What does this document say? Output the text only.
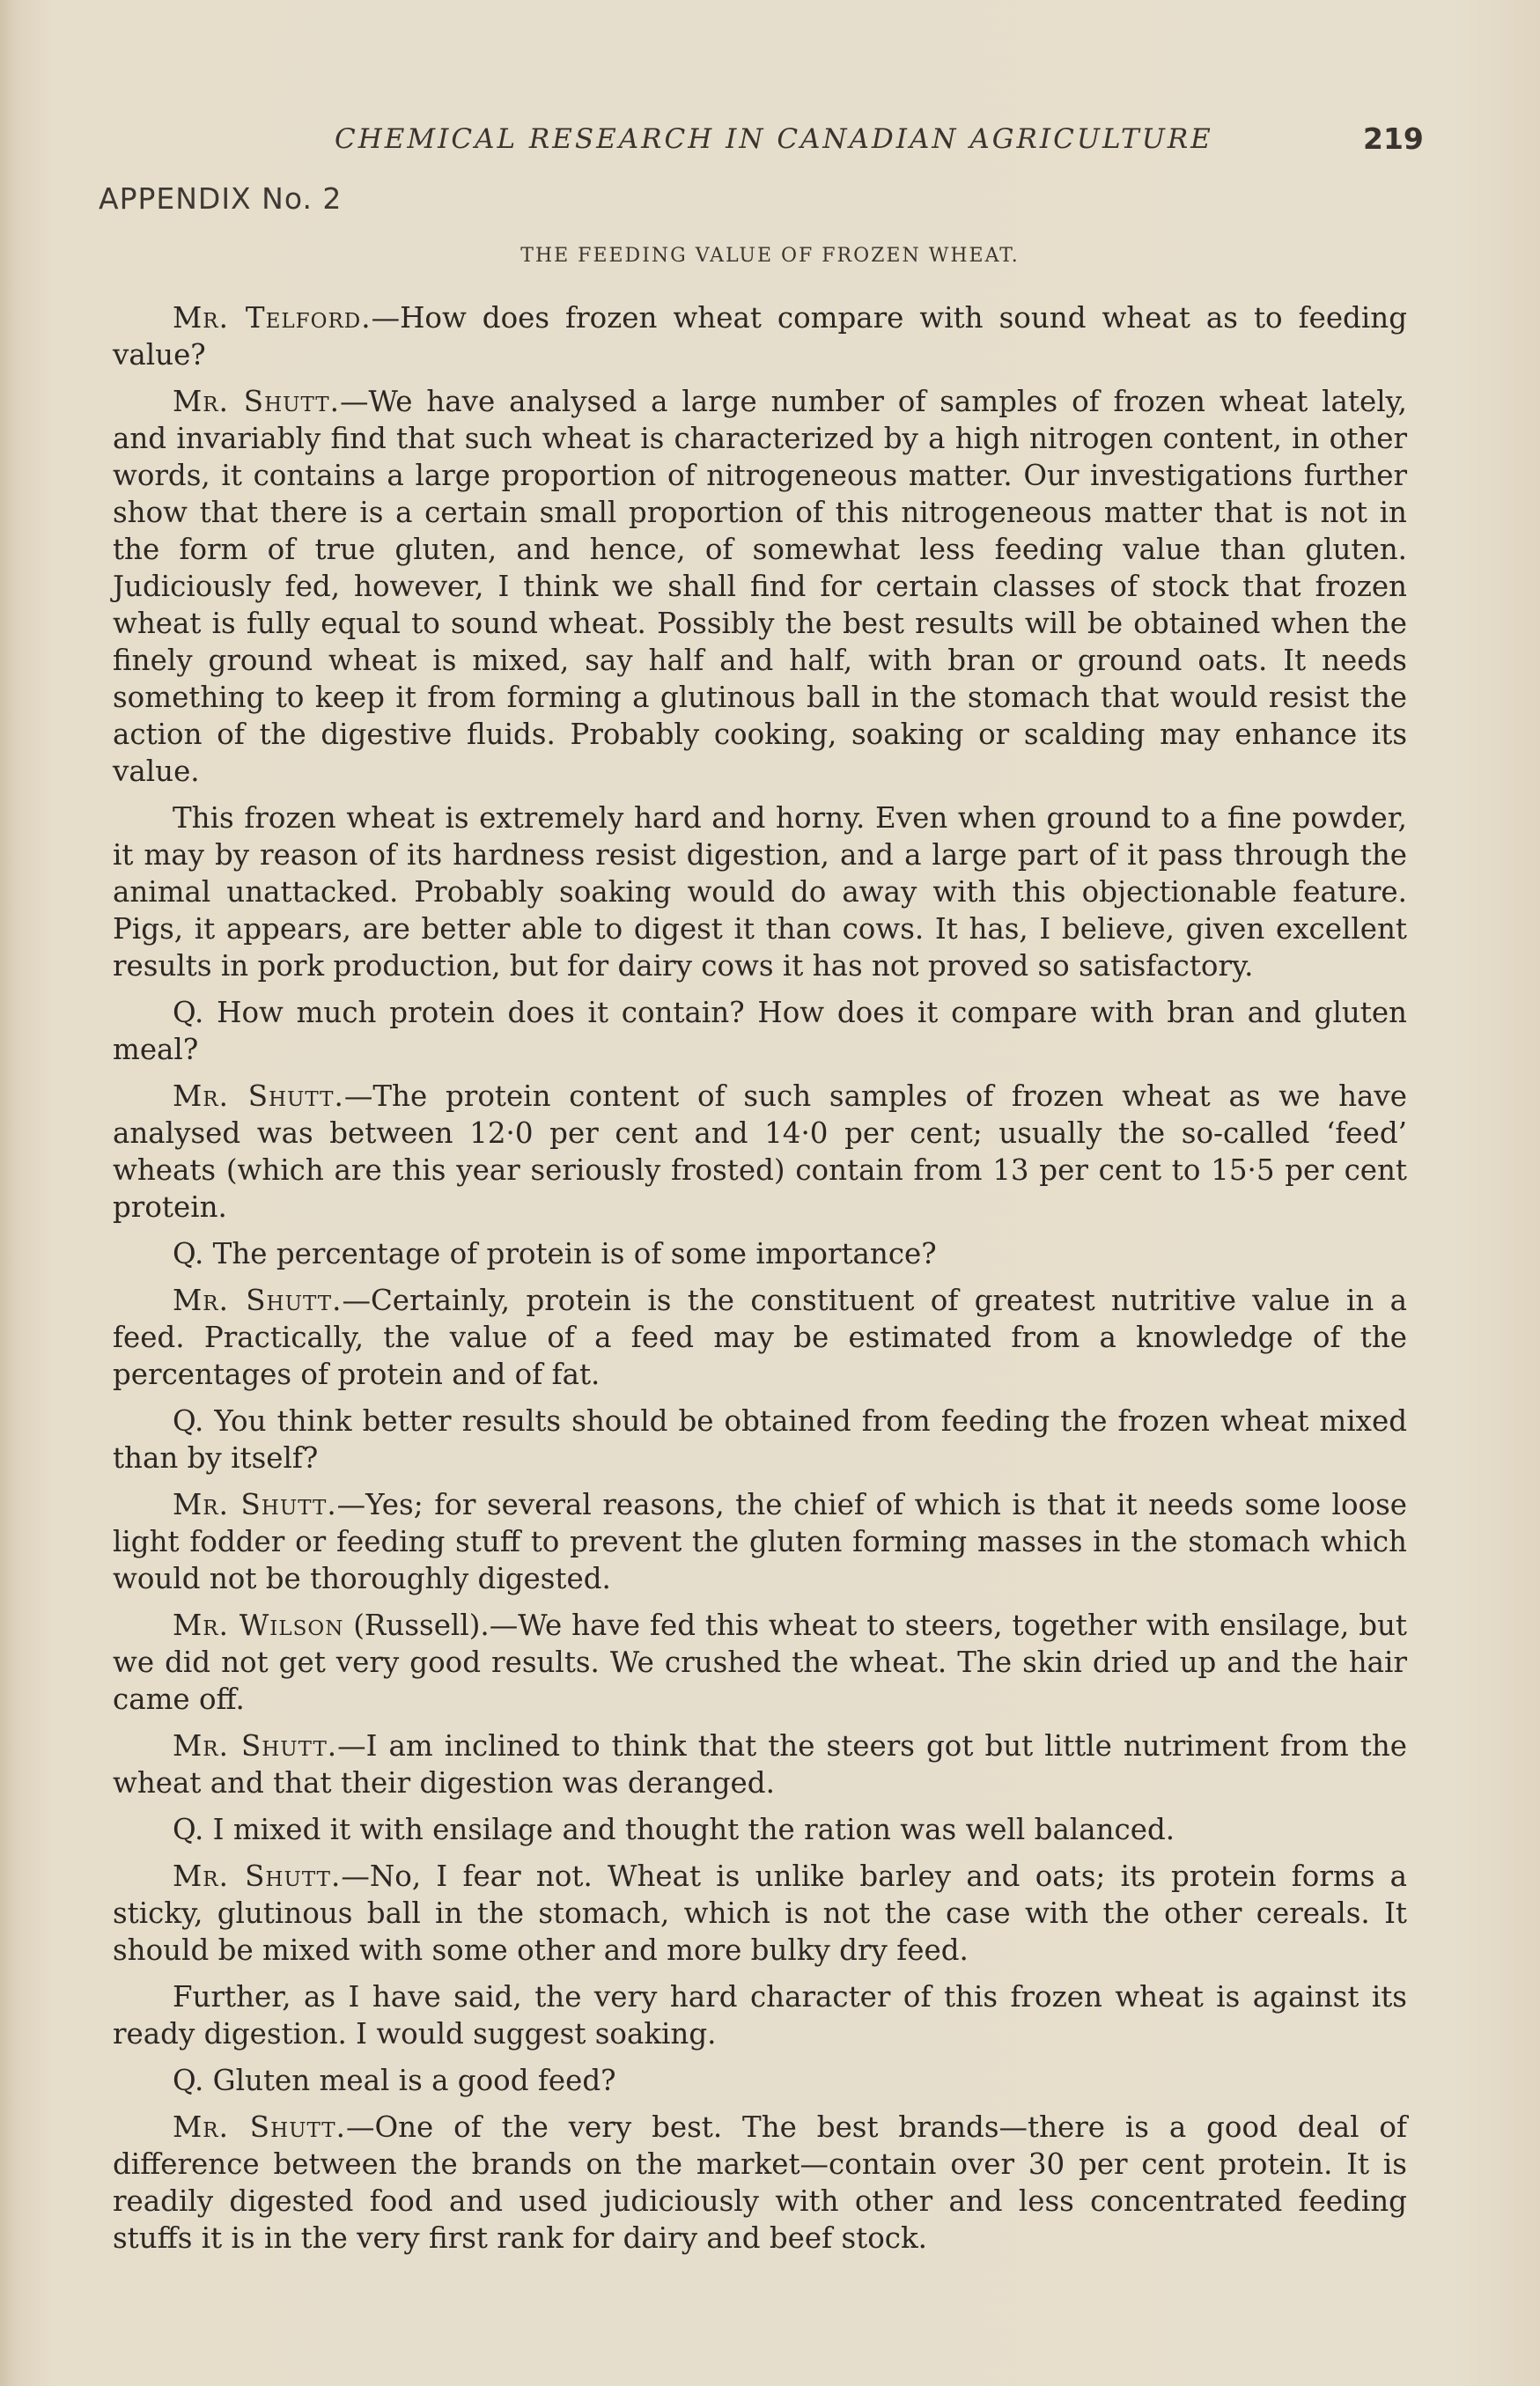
CHEMICAL RESEARCH IN CANADIAN AGRICULTURE	219
APPENDIX No. 2
THE FEEDING VALUE OF FROZEN WHEAT.

Mr. Telford.—How does frozen wheat compare with sound wheat as to feeding value?

Mr. Shutt.—We have analysed a large number of samples of frozen wheat lately, and invariably find that such wheat is characterized by a high nitrogen content, in other words, it contains a large proportion of nitrogeneous matter. Our investigations further show that there is a certain small proportion of this nitrogeneous matter that is not in the form of true gluten, and hence, of somewhat less feeding value than gluten. Judiciously fed, however, I think we shall find for certain classes of stock that frozen wheat is fully equal to sound wheat. Possibly the best results will be obtained when the finely ground wheat is mixed, say half and half, with bran or ground oats. It needs something to keep it from forming a glutinous ball in the stomach that would resist the action of the digestive fluids. Probably cooking, soaking or scalding may enhance its value.

This frozen wheat is extremely hard and horny. Even when ground to a fine powder, it may by reason of its hardness resist digestion, and a large part of it pass through the animal unattacked. Probably soaking would do away with this objectionable feature. Pigs, it appears, are better able to digest it than cows. It has, I believe, given excellent results in pork production, but for dairy cows it has not proved so satisfactory.

Q. How much protein does it contain? How does it compare with bran and gluten meal?

Mr. Shutt.—The protein content of such samples of frozen wheat as we have analysed was between 12·0 per cent and 14·0 per cent; usually the so-called ‘feed’ wheats (which are this year seriously frosted) contain from 13 per cent to 15·5 per cent protein.

Q. The percentage of protein is of some importance?

Mr. Shutt.—Certainly, protein is the constituent of greatest nutritive value in a feed. Practically, the value of a feed may be estimated from a knowledge of the percentages of protein and of fat.

Q. You think better results should be obtained from feeding the frozen wheat mixed than by itself?

Mr. Shutt.—Yes; for several reasons, the chief of which is that it needs some loose light fodder or feeding stuff to prevent the gluten forming masses in the stomach which would not be thoroughly digested.

Mr. Wilson (Russell).—We have fed this wheat to steers, together with ensilage, but we did not get very good results. We crushed the wheat. The skin dried up and the hair came off.

Mr. Shutt.—I am inclined to think that the steers got but little nutriment from the wheat and that their digestion was deranged.

Q. I mixed it with ensilage and thought the ration was well balanced.

Mr. Shutt.—No, I fear not. Wheat is unlike barley and oats; its protein forms a sticky, glutinous ball in the stomach, which is not the case with the other cereals. It should be mixed with some other and more bulky dry feed.

Further, as I have said, the very hard character of this frozen wheat is against its ready digestion. I would suggest soaking.

Q. Gluten meal is a good feed?

Mr. Shutt.—One of the very best. The best brands—there is a good deal of difference between the brands on the market—contain over 30 per cent protein. It is readily digested food and used judiciously with other and less concentrated feeding stuffs it is in the very first rank for dairy and beef stock.
